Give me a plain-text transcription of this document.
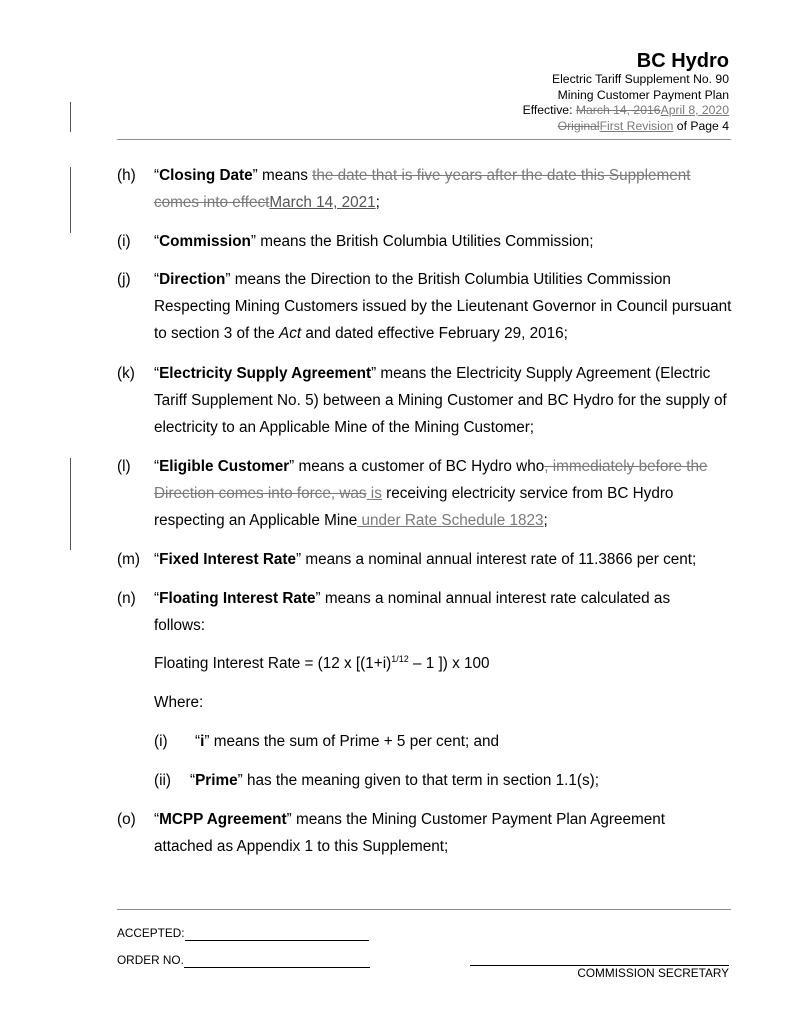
BC Hydro
Electric Tariff Supplement No. 90
Mining Customer Payment Plan
Effective: March 14, 2016April 8, 2020
OriginalFirst Revision of Page 4
(h) “Closing Date” means the date that is five years after the date this Supplement comes into effectMarch 14, 2021;
(i) “Commission” means the British Columbia Utilities Commission;
(j) “Direction” means the Direction to the British Columbia Utilities Commission Respecting Mining Customers issued by the Lieutenant Governor in Council pursuant to section 3 of the Act and dated effective February 29, 2016;
(k) “Electricity Supply Agreement” means the Electricity Supply Agreement (Electric Tariff Supplement No. 5) between a Mining Customer and BC Hydro for the supply of electricity to an Applicable Mine of the Mining Customer;
(l) “Eligible Customer” means a customer of BC Hydro who, immediately before the Direction comes into force, was is receiving electricity service from BC Hydro respecting an Applicable Mine under Rate Schedule 1823;
(m) “Fixed Interest Rate” means a nominal annual interest rate of 11.3866 per cent;
(n) “Floating Interest Rate” means a nominal annual interest rate calculated as follows:
Floating Interest Rate = (12 x [$(1+i)^{1/12} - 1$ ]) x 100
Where:
(i) “i” means the sum of Prime + 5 per cent; and
(ii) “Prime” has the meaning given to that term in section 1.1(s);
(o) “MCPP Agreement” means the Mining Customer Payment Plan Agreement attached as Appendix 1 to this Supplement;
ACCEPTED:
ORDER NO.
COMMISSION SECRETARY
